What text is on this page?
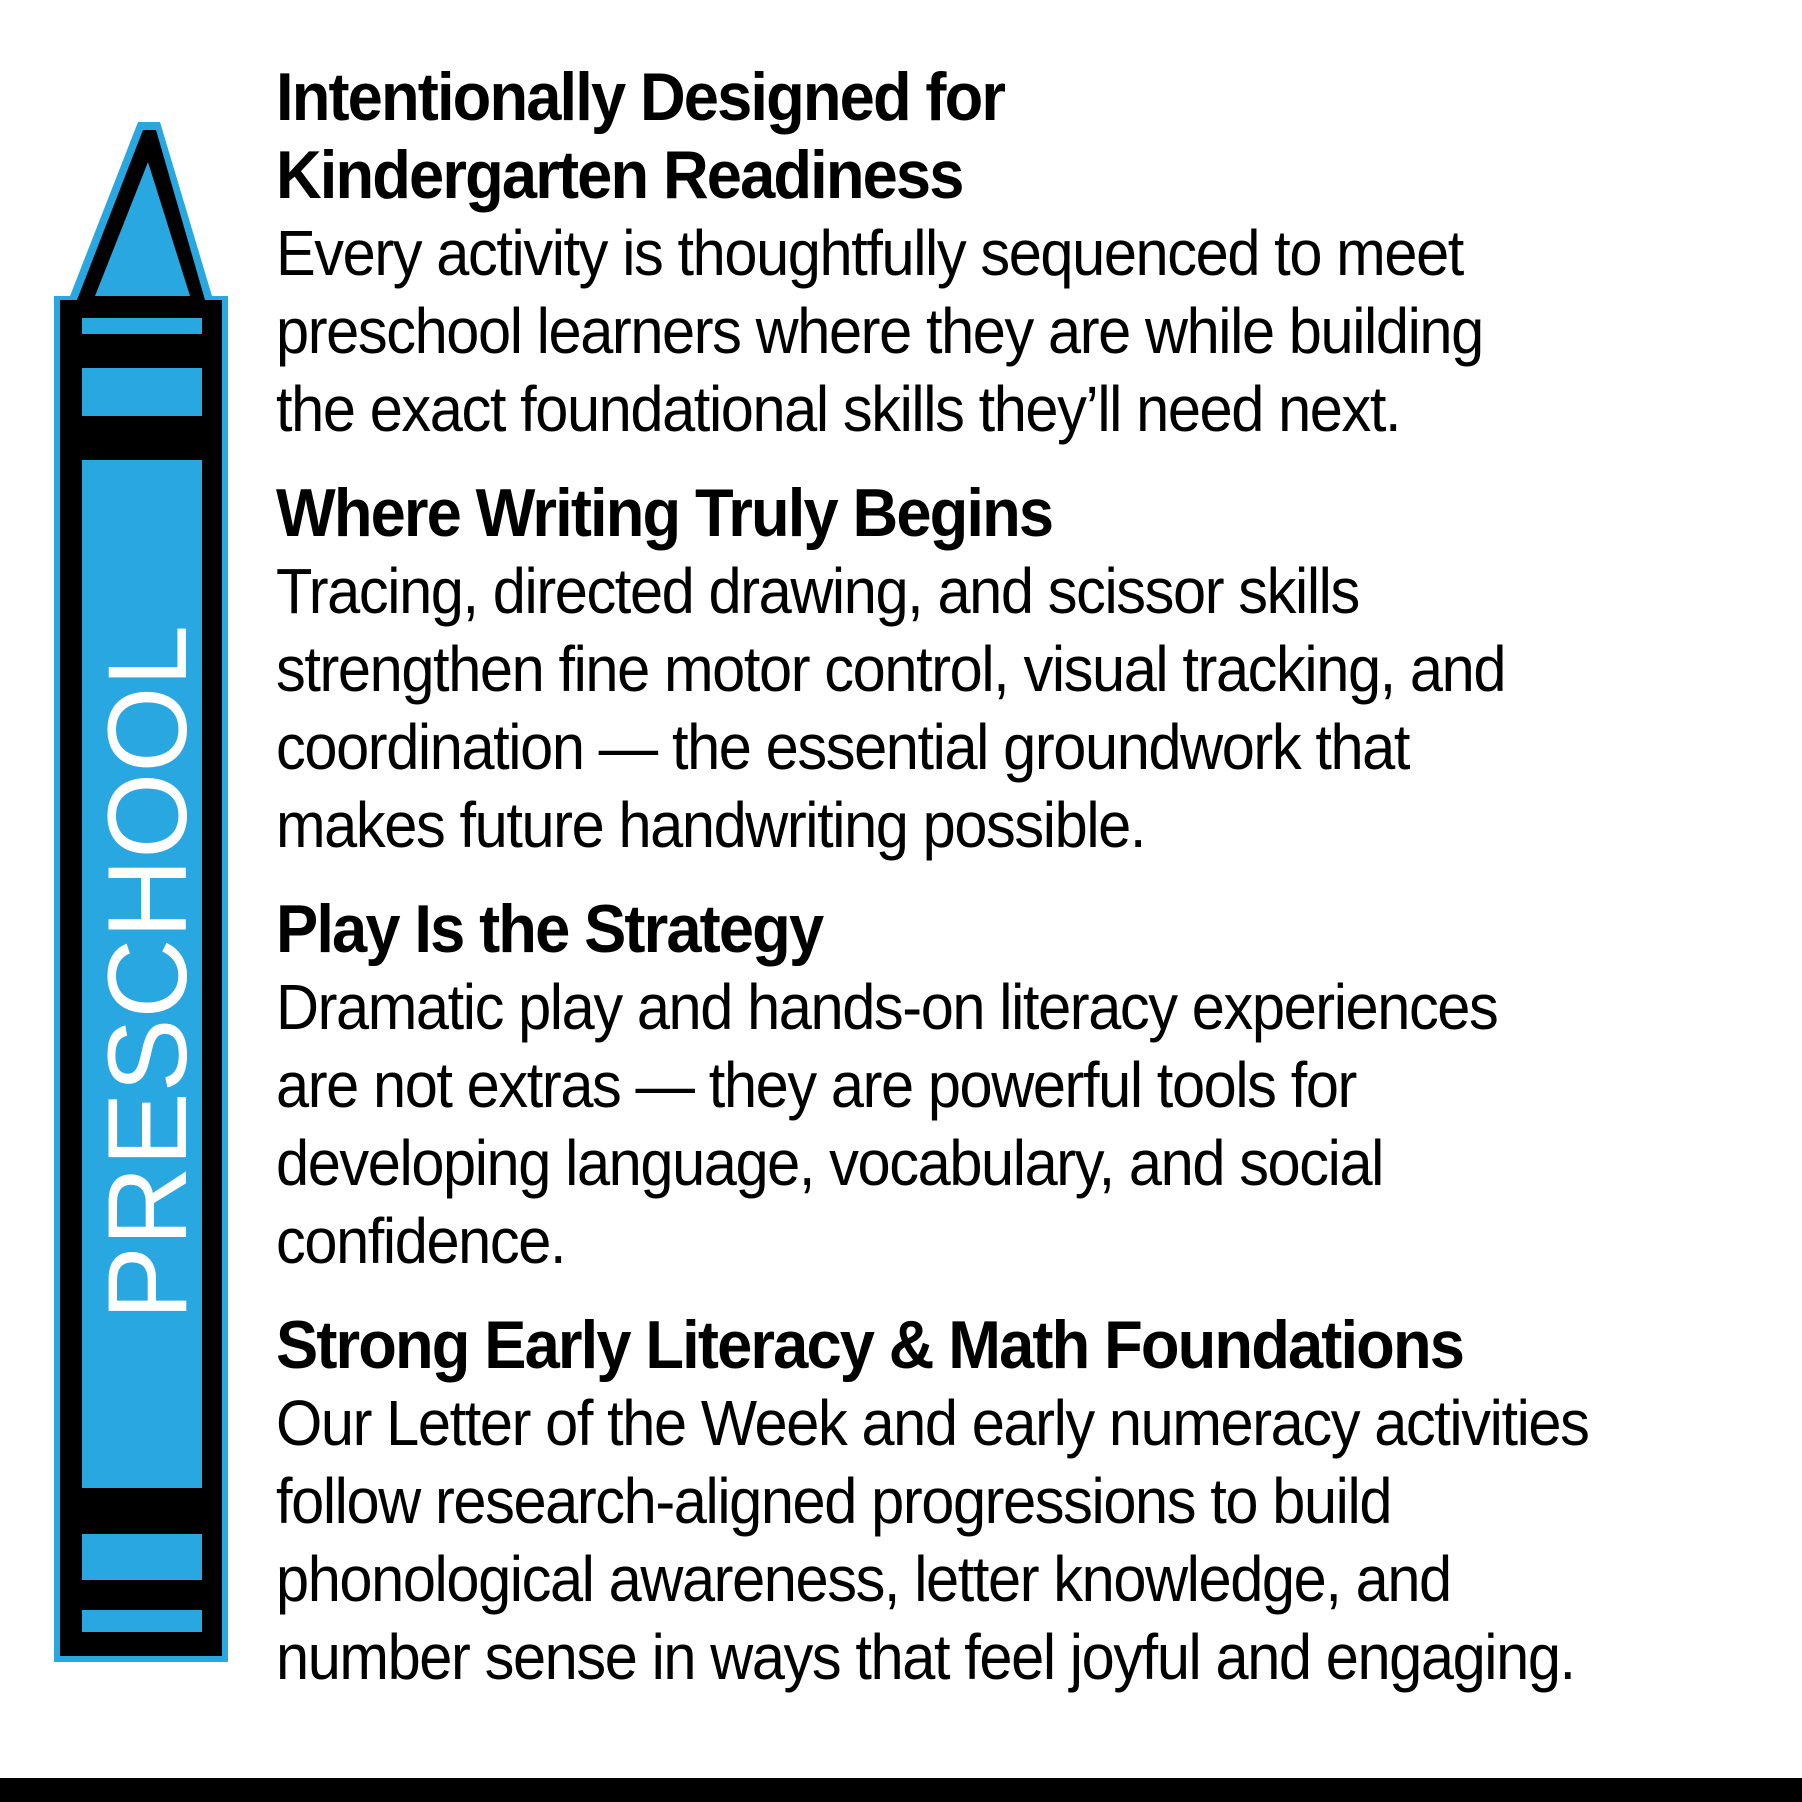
PRESCHOOL
Intentionally Designed for
Kindergarten Readiness

Every activity is thoughtfully sequenced to meet
preschool learners where they are while building
the exact foundational skills they’ll need next.

Where Writing Truly Begins

Tracing, directed drawing, and scissor skills
strengthen fine motor control, visual tracking, and
coordination — the essential groundwork that
makes future handwriting possible.

Play Is the Strategy

Dramatic play and hands-on literacy experiences
are not extras — they are powerful tools for
developing language, vocabulary, and social
confidence.

Strong Early Literacy & Math Foundations

Our Letter of the Week and early numeracy activities
follow research-aligned progressions to build
phonological awareness, letter knowledge, and
number sense in ways that feel joyful and engaging.
